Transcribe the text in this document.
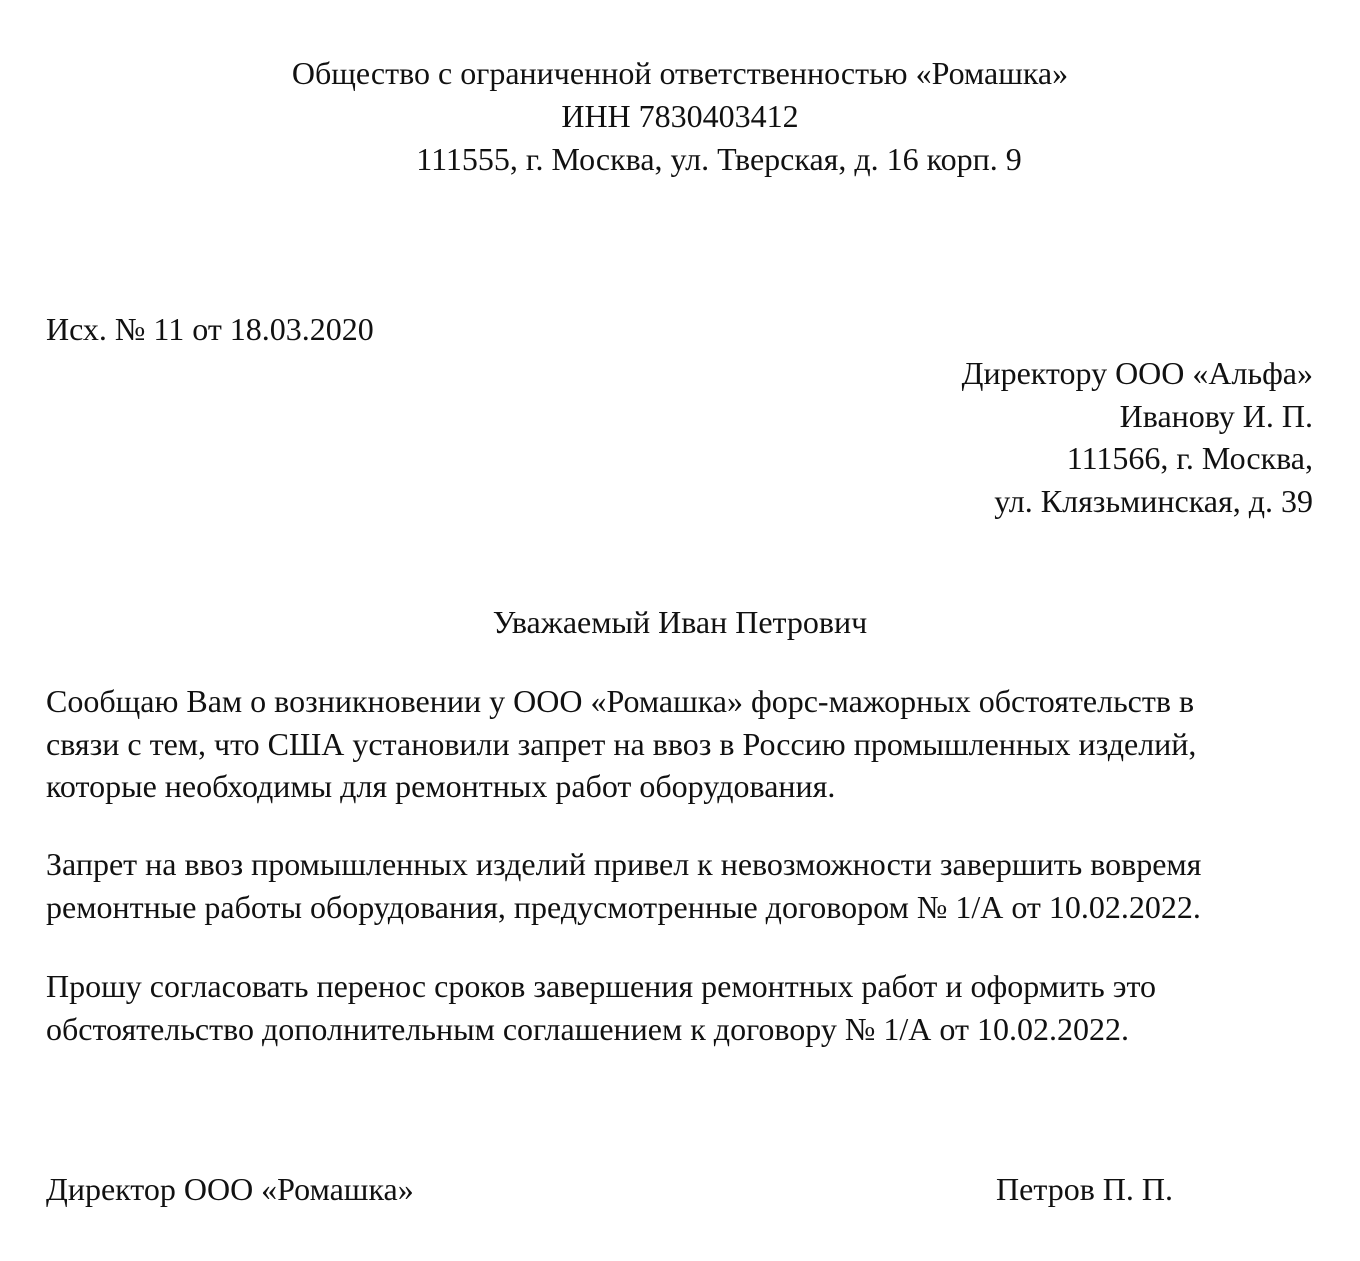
Общество с ограниченной ответственностью «Ромашка»
ИНН 7830403412
111555, г. Москва, ул. Тверская, д. 16 корп. 9
Исх. № 11 от 18.03.2020
Директору ООО «Альфа»
Иванову И. П.
111566, г. Москва,
ул. Клязьминская, д. 39
Уважаемый Иван Петрович
Сообщаю Вам о возникновении у ООО «Ромашка» форс-мажорных обстоятельств в
связи с тем, что США установили запрет на ввоз в Россию промышленных изделий,
которые необходимы для ремонтных работ оборудования.
Запрет на ввоз промышленных изделий привел к невозможности завершить вовремя
ремонтные работы оборудования, предусмотренные договором № 1/А от 10.02.2022.
Прошу согласовать перенос сроков завершения ремонтных работ и оформить это
обстоятельство дополнительным соглашением к договору № 1/А от 10.02.2022.
Директор ООО «Ромашка»	Петров П. П.
